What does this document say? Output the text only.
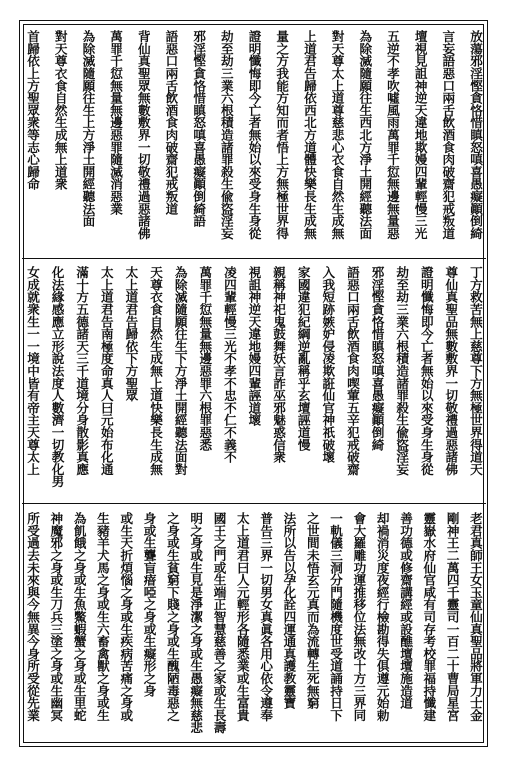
放蕩邪淫慳貪恪惜瞋怒嗔喜愚癡顚倒綺
言妄語惡口兩舌飲酒食肉破齋犯戒叛道
壇視見詛神逆天違地欺嫚四輩輕慢三光
五逆不孝吹噓風雨萬罪千愆無邊無量惡
為除滅隨願往生西北方淨土開經聽法面
對天尊太上道尊慈悲心衣食自然生成無
上道君告歸依西北方道體快樂長生成無
量之方我能方知而者悟上方無極世界得
證明懺悔即今亡者無始以來受身生身從
劫至劫三業六根積造諸罪殺生偸盜淫妄
邪淫慳貪恪惜瞋怒嗔喜愚癡顚倒綺語
語惡口兩舌飲酒食肉破齋犯戒叛道
背仙真聖眾無數敷界一切敬禮過惡諸佛
萬罪千愆無量無邊惡罪隨滅消惡業
為除滅隨願往生上方淨土開經聽法面
對天尊衣食自然生成無上道衆
首歸依上方聖眾衆等志心歸命
丁方救苦無上慈尊下方無極世界得道天
尊仙真聖品無數敷界一切敬禮過惡諸佛
證明懺悔即今亡者無始以來受身生身從
劫至劫三業六根積造諸罪殺生偸盜淫妄
邪淫慳貪恪惜瞋怒嗔喜愚癡顚倒綺
語惡口兩舌飲酒食肉喫葷五辛犯戒破齋
入我短跡嫉妒侵凌欺誑仙官神祇破壞
家國違犯紀綱逆亂稱乎玄壇誣道慢
親稱神祀鬼鼓舞妖言詐巫邪魅惑信衆
視詛神逆天違地嫚四輩誣道壞
凌四輩輕慢三光不孝不忠不仁不義不
萬罪千愆無量無邊惡罪六根罪惡悉
為除滅隨願往生下方淨土開經聽法面對
天尊衣食自然生成無上道快樂長生成無
太上道君告歸依下方聖眾
太上道君告南極度命真人曰元始布化通
滿十方五德諸天三千道境分身散影真應
化法緣感應立形說法度人數濟一切教化男
女成就衆生一一境中皆有帝主天尊太上
老君真師王女玉童仙真聖品將軍力士金
剛神王二萬四千靈司一百二十曹局星宮
靈嶽水府仙官咸有司存考校罪福持懺建
善功德或修齋講經或設醮壇壇施造道
却禍消災度夜經行檢勘得失俱遵元始勅
會大羅雕功運推移位法無改十方三界同
一軌儀三洞分門隨機度世受道誦持日下
之世間未悟玄元真而為流轉生死無窮
法所以告以孕化詮四運通真護教靈寶
普告三界一切男女真眞各用心依令遵奉
太上道君曰人元輕形各隨悉業或生富貴
國王之門或生端正智慧慈善之家或生長壽
明之身或生見是淨潔之身或生愚癡無慈悲
之身或生貧窮下賤之身或生醜陋毒惡之
身或生聾盲瘖啞之身或生癡形之身
或生天折煩惱之身或生疾病苦痛之身或
生豬羊犬馬之身或生六畜禽獸之身或生
為飢餓之身或生魚鱉蝦蟹之身或生里蛇
神魔邪之身或生刀兵三塗之身或生幽冥
所受過去未來與今無異今身所受從先業
